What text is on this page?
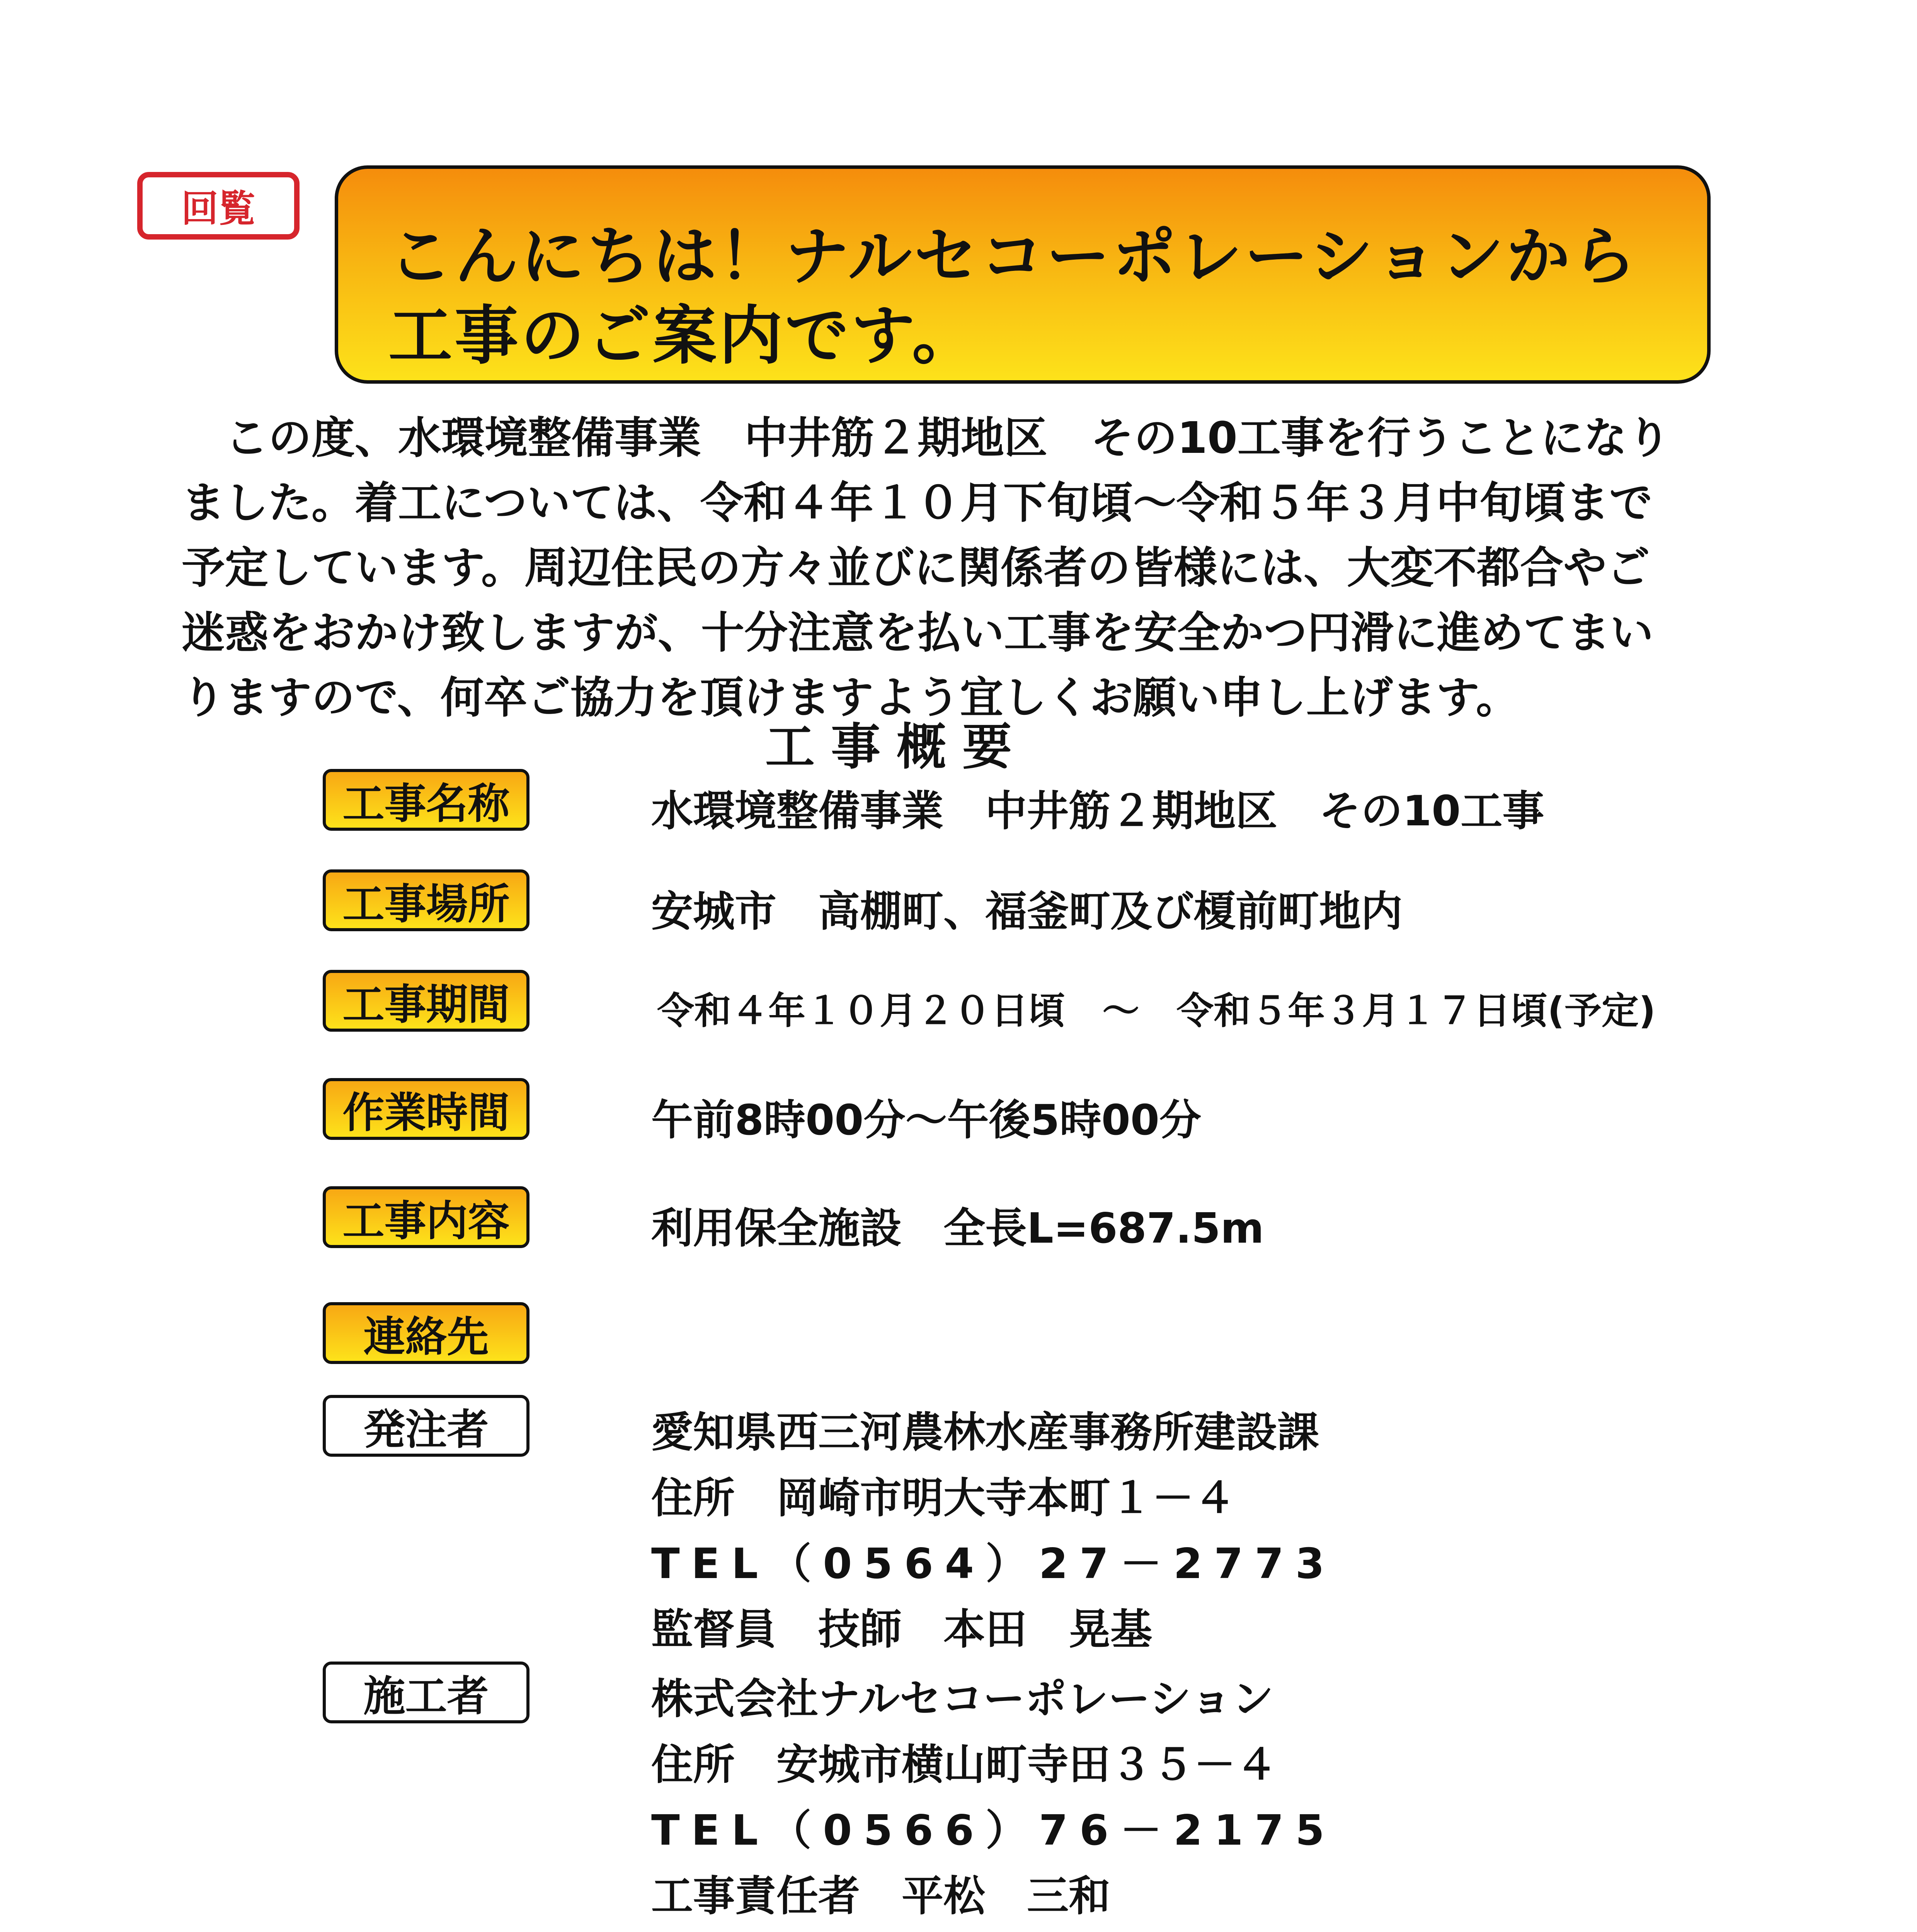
回覧
こんにちは！ナルセコーポレーションから
工事のご案内です。
　この度、水環境整備事業　中井筋２期地区　その10工事を行うことになり
ました。着工については、令和４年１０月下旬頃～令和５年３月中旬頃まで
予定しています。周辺住民の方々並びに関係者の皆様には、大変不都合やご
迷惑をおかけ致しますが、十分注意を払い工事を安全かつ円滑に進めてまい
りますので、何卒ご協力を頂けますよう宜しくお願い申し上げます。
工事概要
工事名称	水環境整備事業　中井筋２期地区　その10工事
工事場所	安城市　高棚町、福釜町及び榎前町地内
工事期間	令和４年１０月２０日頃　～　令和５年３月１７日頃(予定)
作業時間	午前8時00分～午後5時00分
工事内容	利用保全施設　全長L=687.5m
連絡先
発注者	愛知県西三河農林水産事務所建設課
住所　岡崎市明大寺本町１－４
TEL（0564）27－2773
監督員　技師　本田　晃基
施工者	株式会社ナルセコーポレーション
住所　安城市横山町寺田３５－４
TEL（0566）76－2175
工事責任者　平松　三和
